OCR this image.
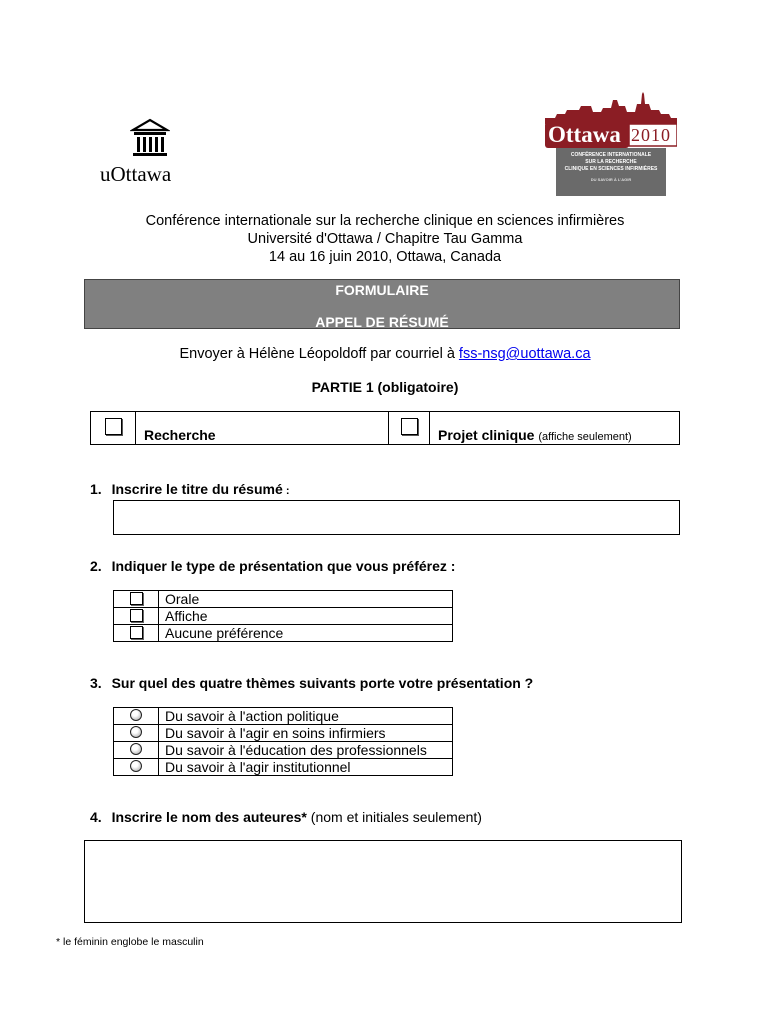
uOttawa
Ottawa 2010
CONFÉRENCE INTERNATIONALE
SUR LA RECHERCHE
CLINIQUE EN SCIENCES INFIRMIÈRES
DU SAVOIR À L'AGIR
Conférence internationale sur la recherche clinique en sciences infirmières
Université d'Ottawa / Chapitre Tau Gamma
14 au 16 juin 2010, Ottawa, Canada
FORMULAIRE
APPEL DE RÉSUMÉ
Envoyer à Hélène Léopoldoff par courriel à fss-nsg@uottawa.ca
PARTIE 1 (obligatoire)
	Recherche		Projet clinique (affiche seulement)
1. Inscrire le titre du résumé :
2. Indiquer le type de présentation que vous préférez :
	Orale
	Affiche
	Aucune préférence
3. Sur quel des quatre thèmes suivants porte votre présentation ?
	Du savoir à l'action politique
	Du savoir à l'agir en soins infirmiers
	Du savoir à l'éducation des professionnels
	Du savoir à l'agir institutionnel
4. Inscrire le nom des auteures* (nom et initiales seulement)
* le féminin englobe le masculin
